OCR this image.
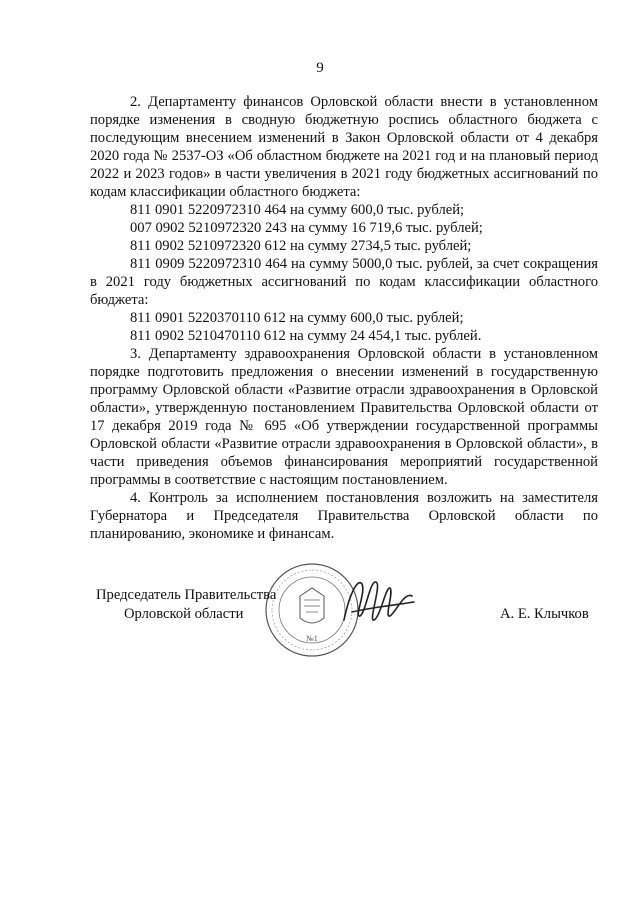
9

2. Департаменту финансов Орловской области внести в установленном порядке изменения в сводную бюджетную роспись областного бюджета с последующим внесением изменений в Закон Орловской области от 4 декабря 2020 года № 2537-ОЗ «Об областном бюджете на 2021 год и на плановый период 2022 и 2023 годов» в части увеличения в 2021 году бюджетных ассигнований по кодам классификации областного бюджета:

811 0901 5220972310 464 на сумму 600,0 тыс. рублей;

007 0902 5210972320 243 на сумму 16 719,6 тыс. рублей;

811 0902 5210972320 612 на сумму 2734,5 тыс. рублей;

811 0909 5220972310 464 на сумму 5000,0 тыс. рублей, за счет сокращения в 2021 году бюджетных ассигнований по кодам классификации областного бюджета:

811 0901 5220370110 612 на сумму 600,0 тыс. рублей;

811 0902 5210470110 612 на сумму 24 454,1 тыс. рублей.

3. Департаменту здравоохранения Орловской области в установленном порядке подготовить предложения о внесении изменений в государственную программу Орловской области «Развитие отрасли здравоохранения в Орловской области», утвержденную постановлением Правительства Орловской области от 17 декабря 2019 года № 695 «Об утверждении государственной программы Орловской области «Развитие отрасли здравоохранения в Орловской области», в части приведения объемов финансирования мероприятий государственной программы в соответствие с настоящим постановлением.

4. Контроль за исполнением постановления возложить на заместителя Губернатора и Председателя Правительства Орловской области по планированию, экономике и финансам.

№1
Председатель Правительства
Орловской области	А. Е. Клычков
